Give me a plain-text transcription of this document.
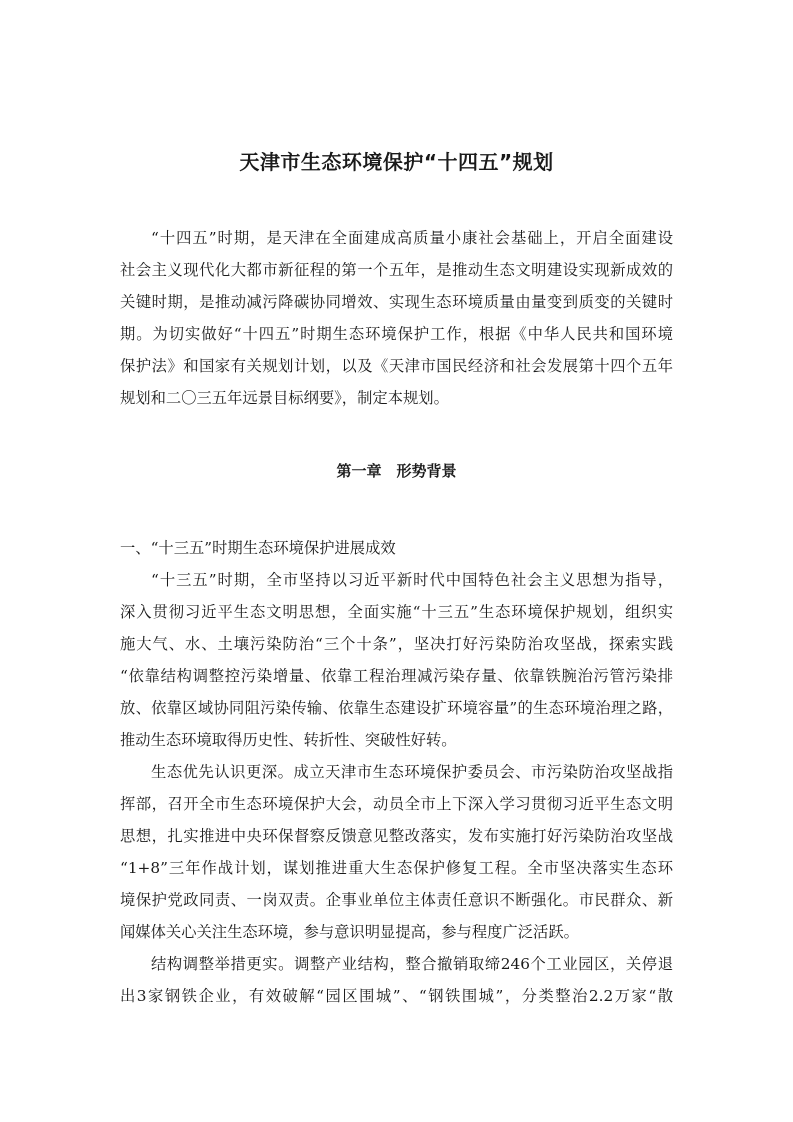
天津市生态环境保护“十四五”规划
“十四五”时期，是天津在全面建成高质量小康社会基础上，开启全面建设
社会主义现代化大都市新征程的第一个五年，是推动生态文明建设实现新成效的
关键时期，是推动减污降碳协同增效、实现生态环境质量由量变到质变的关键时
期。为切实做好“十四五”时期生态环境保护工作，根据《中华人民共和国环境
保护法》和国家有关规划计划，以及《天津市国民经济和社会发展第十四个五年
规划和二〇三五年远景目标纲要》，制定本规划。
第一章　形势背景
一、“十三五”时期生态环境保护进展成效
“十三五”时期，全市坚持以习近平新时代中国特色社会主义思想为指导，
深入贯彻习近平生态文明思想，全面实施“十三五”生态环境保护规划，组织实
施大气、水、土壤污染防治“三个十条”，坚决打好污染防治攻坚战，探索实践
“依靠结构调整控污染增量、依靠工程治理减污染存量、依靠铁腕治污管污染排
放、依靠区域协同阻污染传输、依靠生态建设扩环境容量”的生态环境治理之路，
推动生态环境取得历史性、转折性、突破性好转。
生态优先认识更深。成立天津市生态环境保护委员会、市污染防治攻坚战指
挥部，召开全市生态环境保护大会，动员全市上下深入学习贯彻习近平生态文明
思想，扎实推进中央环保督察反馈意见整改落实，发布实施打好污染防治攻坚战
“1+8”三年作战计划，谋划推进重大生态保护修复工程。全市坚决落实生态环
境保护党政同责、一岗双责。企事业单位主体责任意识不断强化。市民群众、新
闻媒体关心关注生态环境，参与意识明显提高，参与程度广泛活跃。
结构调整举措更实。调整产业结构，整合撤销取缔246个工业园区，关停退
出3家钢铁企业，有效破解“园区围城”、“钢铁围城”，分类整治2.2万家“散
